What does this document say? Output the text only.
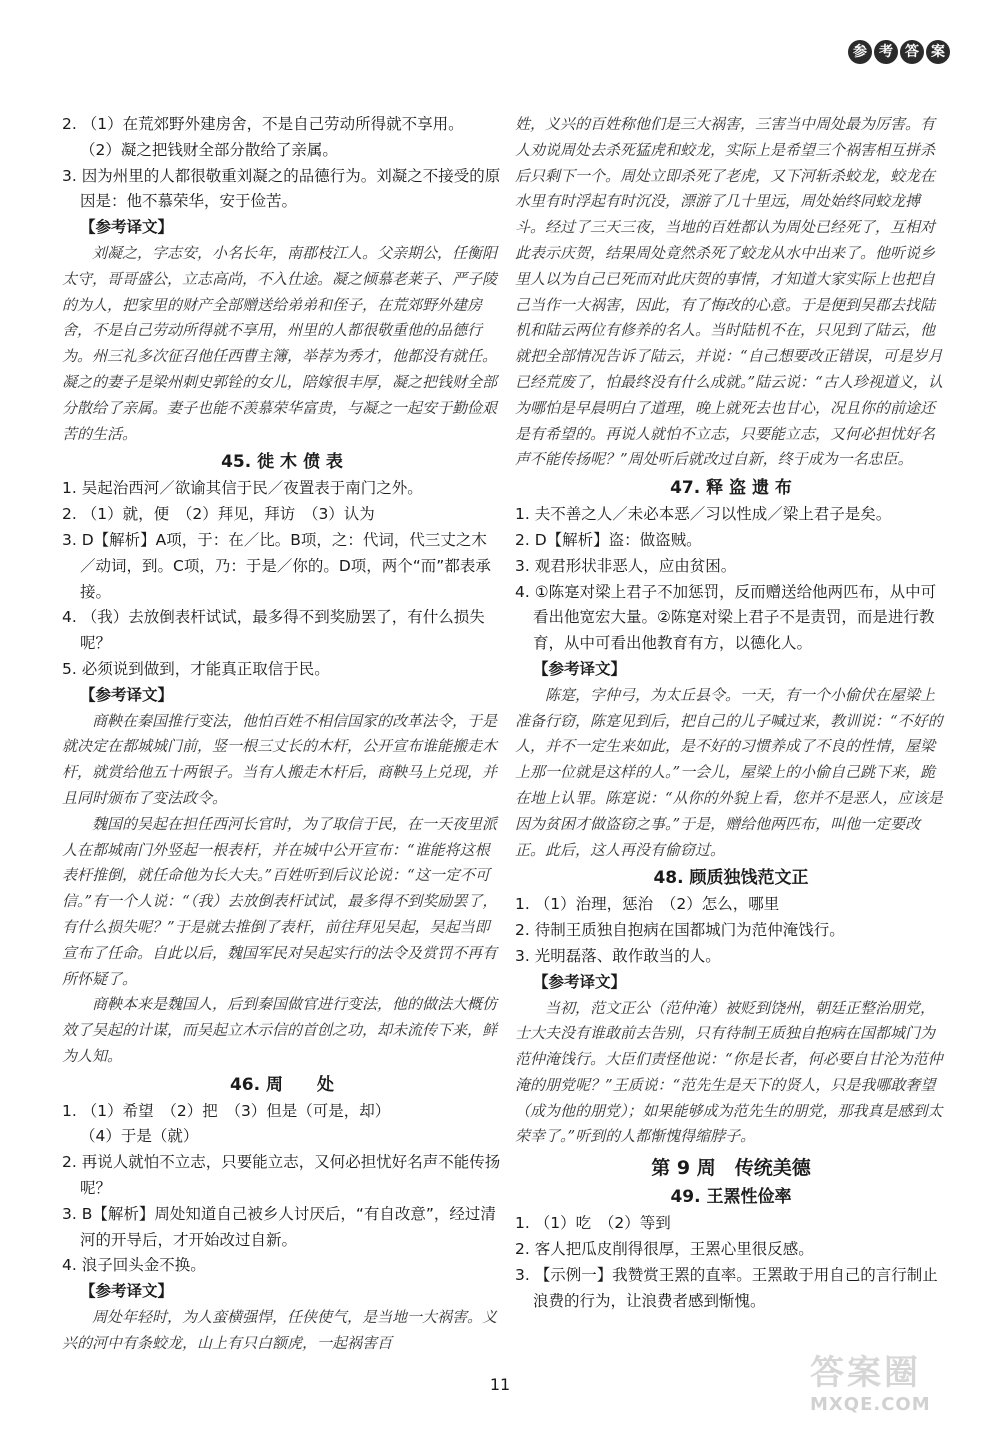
参 考 答 案
2. （1）在荒郊野外建房舍，不是自己劳动所得就不享用。
（2）凝之把钱财全部分散给了亲属。
3. 因为州里的人都很敬重刘凝之的品德行为。刘凝之不接受的原因是：他不慕荣华，安于俭苦。
【参考译文】
刘凝之，字志安，小名长年，南郡枝江人。父亲期公，任衡阳太守，哥哥盛公，立志高尚，不入仕途。凝之倾慕老莱子、严子陵的为人，把家里的财产全部赠送给弟弟和侄子，在荒郊野外建房舍，不是自己劳动所得就不享用，州里的人都很敬重他的品德行为。州三礼多次征召他任西曹主簿，举荐为秀才，他都没有就任。凝之的妻子是梁州刺史郭铨的女儿，陪嫁很丰厚，凝之把钱财全部分散给了亲属。妻子也能不羡慕荣华富贵，与凝之一起安于勤俭艰苦的生活。
45. 徙 木 偾 表
1. 吴起治西河／欲谕其信于民／夜置表于南门之外。
2. （1）就，便　（2）拜见，拜访　（3）认为
3. D【解析】A项，于：在／比。B项，之：代词，代三丈之木／动词，到。C项，乃：于是／你的。D项，两个“而”都表承接。
4. （我）去放倒表杆试试，最多得不到奖励罢了，有什么损失呢？
5. 必须说到做到，才能真正取信于民。
【参考译文】
商鞅在秦国推行变法，他怕百姓不相信国家的改革法令，于是就决定在都城城门前，竖一根三丈长的木杆，公开宣布谁能搬走木杆，就赏给他五十两银子。当有人搬走木杆后，商鞅马上兑现，并且同时颁布了变法政令。
魏国的吴起在担任西河长官时，为了取信于民，在一天夜里派人在都城南门外竖起一根表杆，并在城中公开宣布：“谁能将这根表杆推倒，就任命他为长大夫。”百姓听到后议论说：“这一定不可信。”有一个人说：“（我）去放倒表杆试试，最多得不到奖励罢了，有什么损失呢？”于是就去推倒了表杆，前往拜见吴起，吴起当即宣布了任命。自此以后，魏国军民对吴起实行的法令及赏罚不再有所怀疑了。
商鞅本来是魏国人，后到秦国做官进行变法，他的做法大概仿效了吴起的计谋，而吴起立木示信的首创之功，却未流传下来，鲜为人知。
46. 周　　处
1. （1）希望　（2）把　（3）但是（可是，却）
（4）于是（就）
2. 再说人就怕不立志，只要能立志，又何必担忧好名声不能传扬呢？
3. B【解析】周处知道自己被乡人讨厌后，“有自改意”，经过清河的开导后，才开始改过自新。
4. 浪子回头金不换。
【参考译文】
周处年轻时，为人蛮横强悍，任侠使气，是当地一大祸害。义兴的河中有条蛟龙，山上有只白额虎，一起祸害百
姓，义兴的百姓称他们是三大祸害，三害当中周处最为厉害。有人劝说周处去杀死猛虎和蛟龙，实际上是希望三个祸害相互拼杀后只剩下一个。周处立即杀死了老虎，又下河斩杀蛟龙，蛟龙在水里有时浮起有时沉没，漂游了几十里远，周处始终同蛟龙搏斗。经过了三天三夜，当地的百姓都认为周处已经死了，互相对此表示庆贺，结果周处竟然杀死了蛟龙从水中出来了。他听说乡里人以为自己已死而对此庆贺的事情，才知道大家实际上也把自己当作一大祸害，因此，有了悔改的心意。于是便到吴郡去找陆机和陆云两位有修养的名人。当时陆机不在，只见到了陆云，他就把全部情况告诉了陆云，并说：“自己想要改正错误，可是岁月已经荒废了，怕最终没有什么成就。”陆云说：“古人珍视道义，认为哪怕是早晨明白了道理，晚上就死去也甘心，况且你的前途还是有希望的。再说人就怕不立志，只要能立志，又何必担忧好名声不能传扬呢？”周处听后就改过自新，终于成为一名忠臣。
47. 释 盗 遗 布
1. 夫不善之人／未必本恶／习以性成／梁上君子是矣。
2. D【解析】盗：做盗贼。
3. 观君形状非恶人，应由贫困。
4. ①陈寔对梁上君子不加惩罚，反而赠送给他两匹布，从中可看出他宽宏大量。②陈寔对梁上君子不是责罚，而是进行教育，从中可看出他教育有方，以德化人。
【参考译文】
陈寔，字仲弓，为太丘县令。一天，有一个小偷伏在屋梁上准备行窃，陈寔见到后，把自己的儿子喊过来，教训说：“不好的人，并不一定生来如此，是不好的习惯养成了不良的性情，屋梁上那一位就是这样的人。”一会儿，屋梁上的小偷自己跳下来，跪在地上认罪。陈寔说：“从你的外貌上看，您并不是恶人，应该是因为贫困才做盗窃之事。”于是，赠给他两匹布，叫他一定要改正。此后，这人再没有偷窃过。
48. 顾质独饯范文正
1. （1）治理，惩治　（2）怎么，哪里
2. 待制王质独自抱病在国都城门为范仲淹饯行。
3. 光明磊落、敢作敢当的人。
【参考译文】
当初，范文正公（范仲淹）被贬到饶州，朝廷正整治朋党，士大夫没有谁敢前去告别，只有待制王质独自抱病在国都城门为范仲淹饯行。大臣们责怪他说：“你是长者，何必要自甘沦为范仲淹的朋党呢？”王质说：“范先生是天下的贤人，只是我哪敢奢望（成为他的朋党）；如果能够成为范先生的朋党，那我真是感到太荣幸了。”听到的人都惭愧得缩脖子。
第 9 周　传统美德
49. 王罴性俭率
1. （1）吃　（2）等到
2. 客人把瓜皮削得很厚，王罴心里很反感。
3. 【示例一】我赞赏王罴的直率。王罴敢于用自己的言行制止浪费的行为，让浪费者感到惭愧。
11	答案圈
MXQE.COM
